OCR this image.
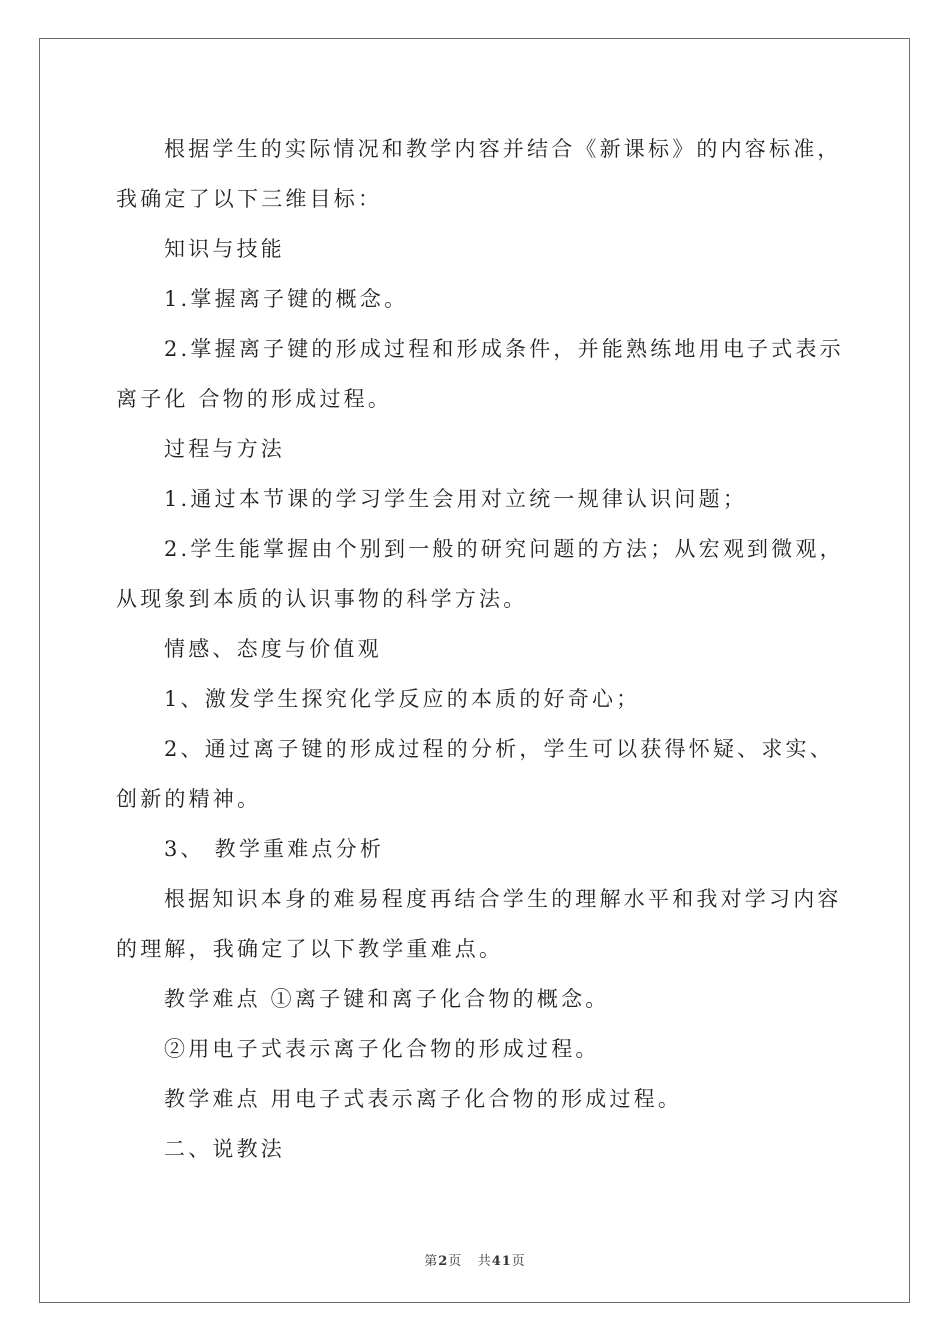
根据学生的实际情况和教学内容并结合《新课标》的内容标准，
我确定了以下三维目标：

知识与技能

1.掌握离子键的概念。

2.掌握离子键的形成过程和形成条件，并能熟练地用电子式表示
离子化 合物的形成过程。

过程与方法

1.通过本节课的学习学生会用对立统一规律认识问题；

2.学生能掌握由个别到一般的研究问题的方法；从宏观到微观，
从现象到本质的认识事物的科学方法。

情感、态度与价值观

1、激发学生探究化学反应的本质的好奇心；

2、通过离子键的形成过程的分析，学生可以获得怀疑、求实、
创新的精神。

3、 教学重难点分析

根据知识本身的难易程度再结合学生的理解水平和我对学习内容
的理解，我确定了以下教学重难点。

教学难点 ①离子键和离子化合物的概念。

②用电子式表示离子化合物的形成过程。

教学难点 用电子式表示离子化合物的形成过程。

二、说教法

第2页 共41页
